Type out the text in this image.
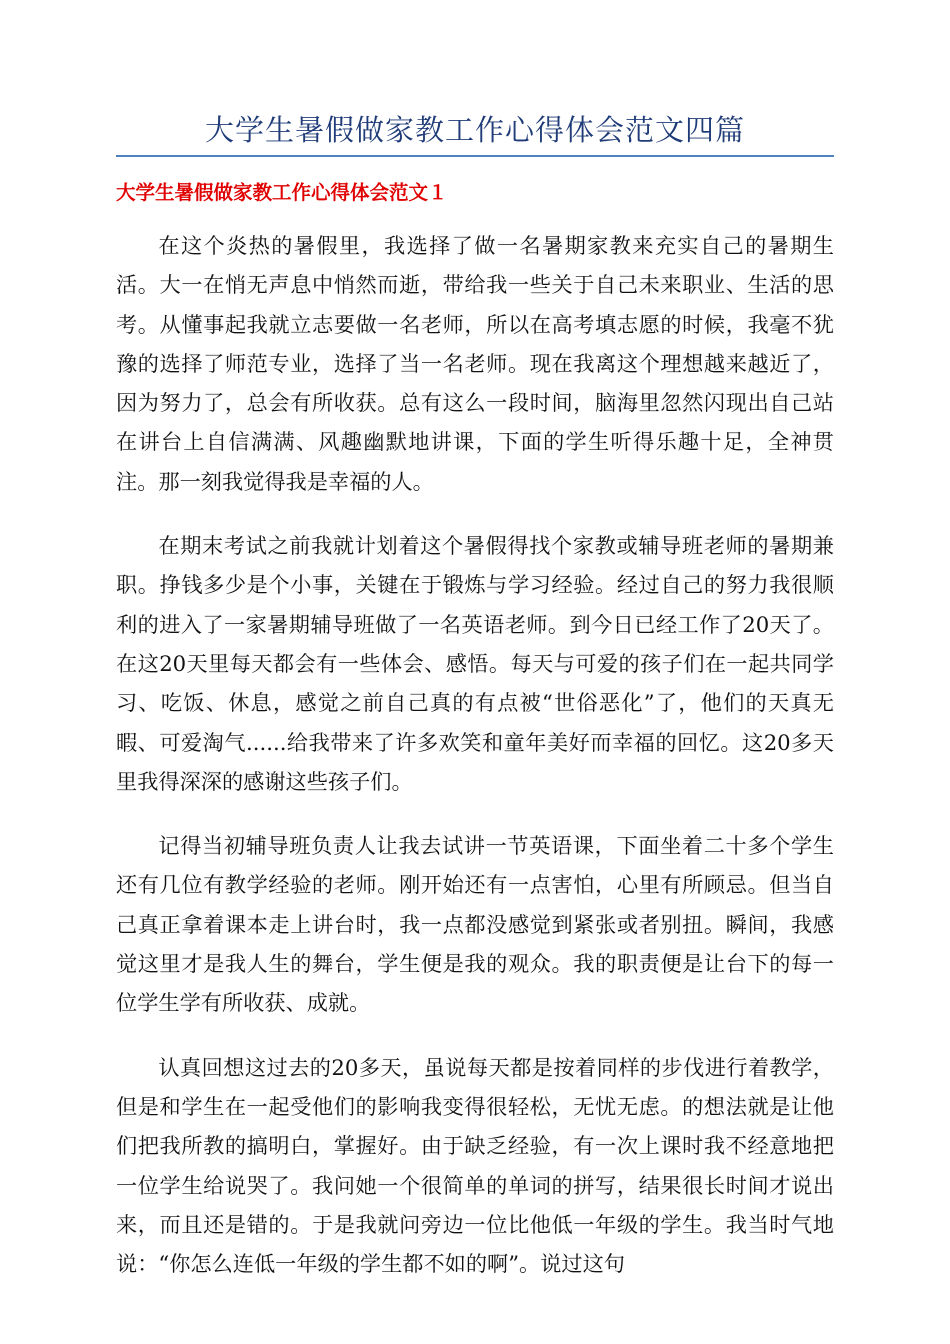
大学生暑假做家教工作心得体会范文四篇
大学生暑假做家教工作心得体会范文１

在这个炎热的暑假里，我选择了做一名暑期家教来充实自己的暑期生活。大一在悄无声息中悄然而逝，带给我一些关于自己未来职业、生活的思考。从懂事起我就立志要做一名老师，所以在高考填志愿的时候，我毫不犹豫的选择了师范专业，选择了当一名老师。现在我离这个理想越来越近了，因为努力了，总会有所收获。总有这么一段时间，脑海里忽然闪现出自己站在讲台上自信满满、风趣幽默地讲课，下面的学生听得乐趣十足，全神贯注。那一刻我觉得我是幸福的人。

在期末考试之前我就计划着这个暑假得找个家教或辅导班老师的暑期兼职。挣钱多少是个小事，关键在于锻炼与学习经验。经过自己的努力我很顺利的进入了一家暑期辅导班做了一名英语老师。到今日已经工作了20天了。在这20天里每天都会有一些体会、感悟。每天与可爱的孩子们在一起共同学习、吃饭、休息，感觉之前自己真的有点被“世俗恶化”了，他们的天真无暇、可爱淘气......给我带来了许多欢笑和童年美好而幸福的回忆。这20多天里我得深深的感谢这些孩子们。

记得当初辅导班负责人让我去试讲一节英语课，下面坐着二十多个学生还有几位有教学经验的老师。刚开始还有一点害怕，心里有所顾忌。但当自己真正拿着课本走上讲台时，我一点都没感觉到紧张或者别扭。瞬间，我感觉这里才是我人生的舞台，学生便是我的观众。我的职责便是让台下的每一位学生学有所收获、成就。

认真回想这过去的20多天，虽说每天都是按着同样的步伐进行着教学，但是和学生在一起受他们的影响我变得很轻松，无忧无虑。的想法就是让他们把我所教的搞明白，掌握好。由于缺乏经验，有一次上课时我不经意地把一位学生给说哭了。我问她一个很简单的单词的拼写，结果很长时间才说出来，而且还是错的。于是我就问旁边一位比他低一年级的学生。我当时气地说：“你怎么连低一年级的学生都不如的啊”。说过这句
